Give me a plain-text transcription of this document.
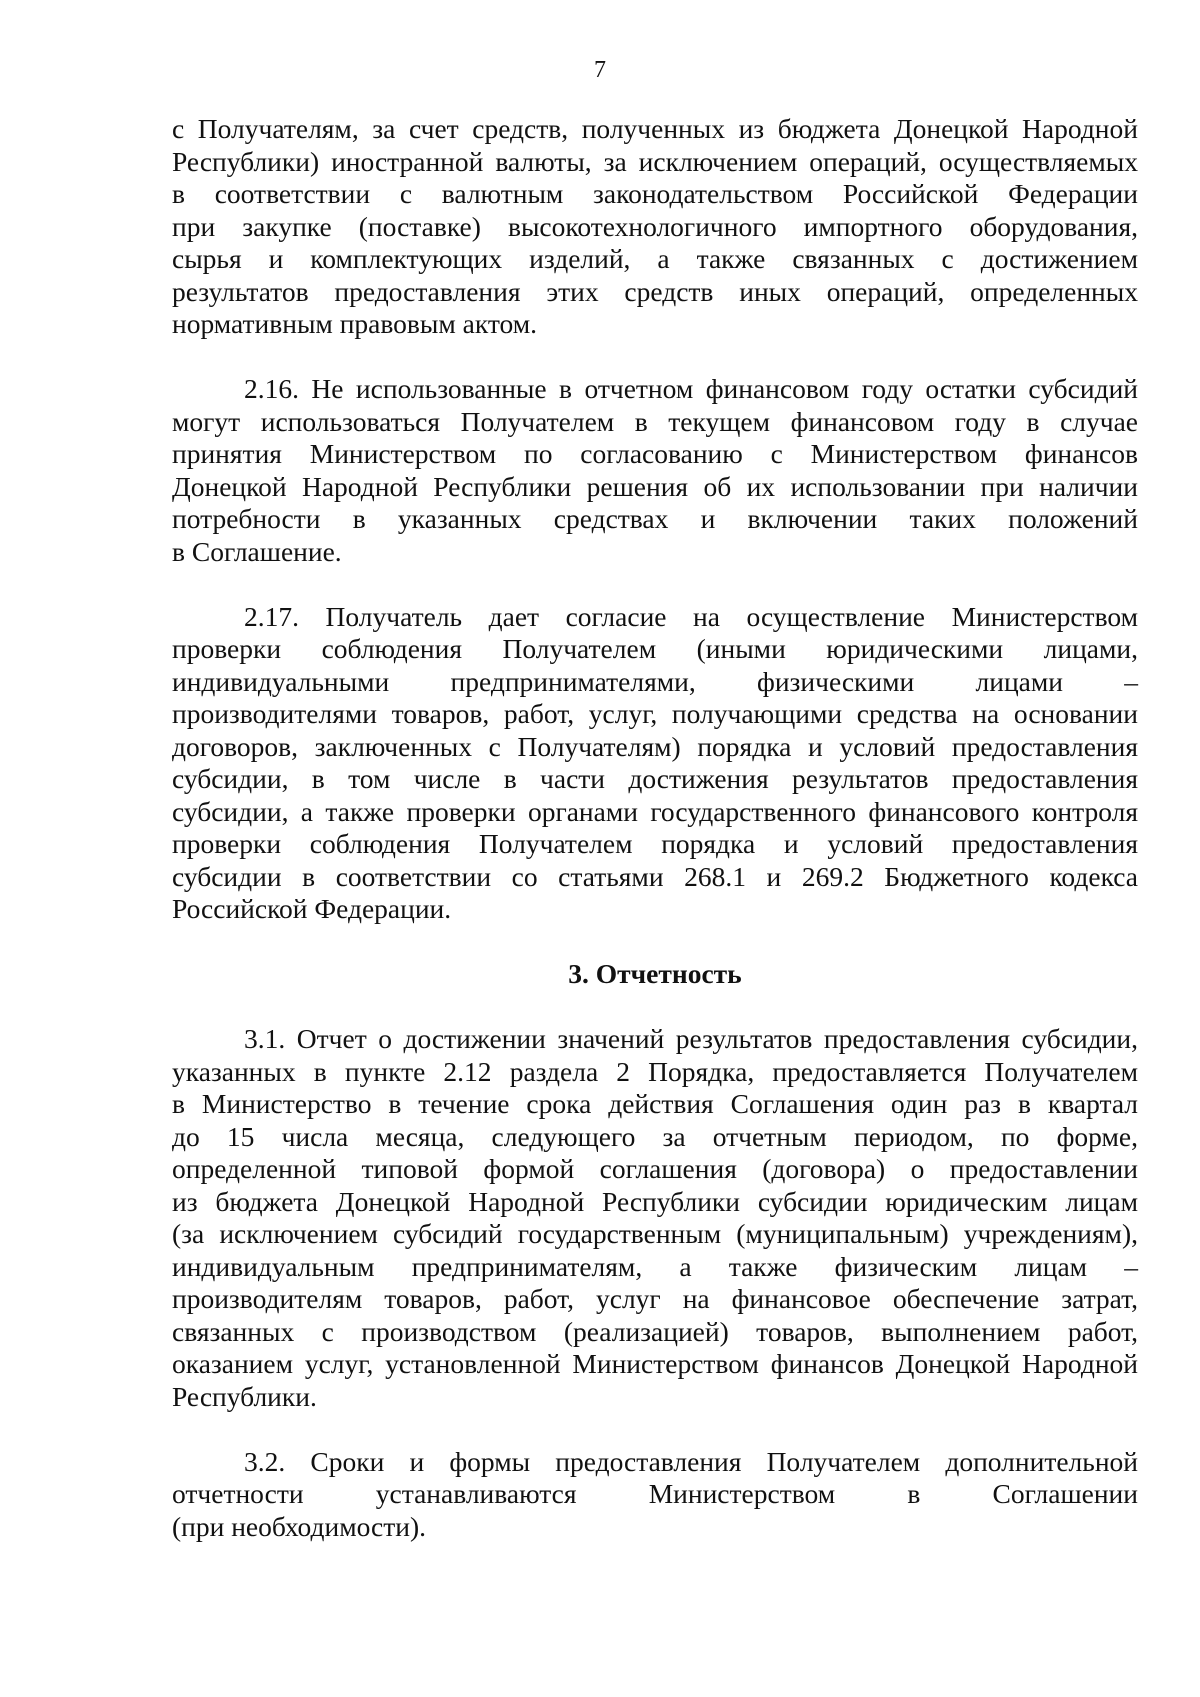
7
с Получателям, за счет средств, полученных из бюджета Донецкой Народной
Республики) иностранной валюты, за исключением операций, осуществляемых
в соответствии с валютным законодательством Российской Федерации
при закупке (поставке) высокотехнологичного импортного оборудования,
сырья и комплектующих изделий, а также связанных с достижением
результатов предоставления этих средств иных операций, определенных
нормативным правовым актом.
2.16. Не использованные в отчетном финансовом году остатки субсидий
могут использоваться Получателем в текущем финансовом году в случае
принятия Министерством по согласованию с Министерством финансов
Донецкой Народной Республики решения об их использовании при наличии
потребности в указанных средствах и включении таких положений
в Соглашение.
2.17. Получатель дает согласие на осуществление Министерством
проверки соблюдения Получателем (иными юридическими лицами,
индивидуальными предпринимателями, физическими лицами –
производителями товаров, работ, услуг, получающими средства на основании
договоров, заключенных с Получателям) порядка и условий предоставления
субсидии, в том числе в части достижения результатов предоставления
субсидии, а также проверки органами государственного финансового контроля
проверки соблюдения Получателем порядка и условий предоставления
субсидии в соответствии со статьями 268.1 и 269.2 Бюджетного кодекса
Российской Федерации.
3. Отчетность
3.1. Отчет о достижении значений результатов предоставления субсидии,
указанных в пункте 2.12 раздела 2 Порядка, предоставляется Получателем
в Министерство в течение срока действия Соглашения один раз в квартал
до 15 числа месяца, следующего за отчетным периодом, по форме,
определенной типовой формой соглашения (договора) о предоставлении
из бюджета Донецкой Народной Республики субсидии юридическим лицам
(за исключением субсидий государственным (муниципальным) учреждениям),
индивидуальным предпринимателям, а также физическим лицам –
производителям товаров, работ, услуг на финансовое обеспечение затрат,
связанных с производством (реализацией) товаров, выполнением работ,
оказанием услуг, установленной Министерством финансов Донецкой Народной
Республики.
3.2. Сроки и формы предоставления Получателем дополнительной
отчетности устанавливаются Министерством в Соглашении
(при необходимости).
